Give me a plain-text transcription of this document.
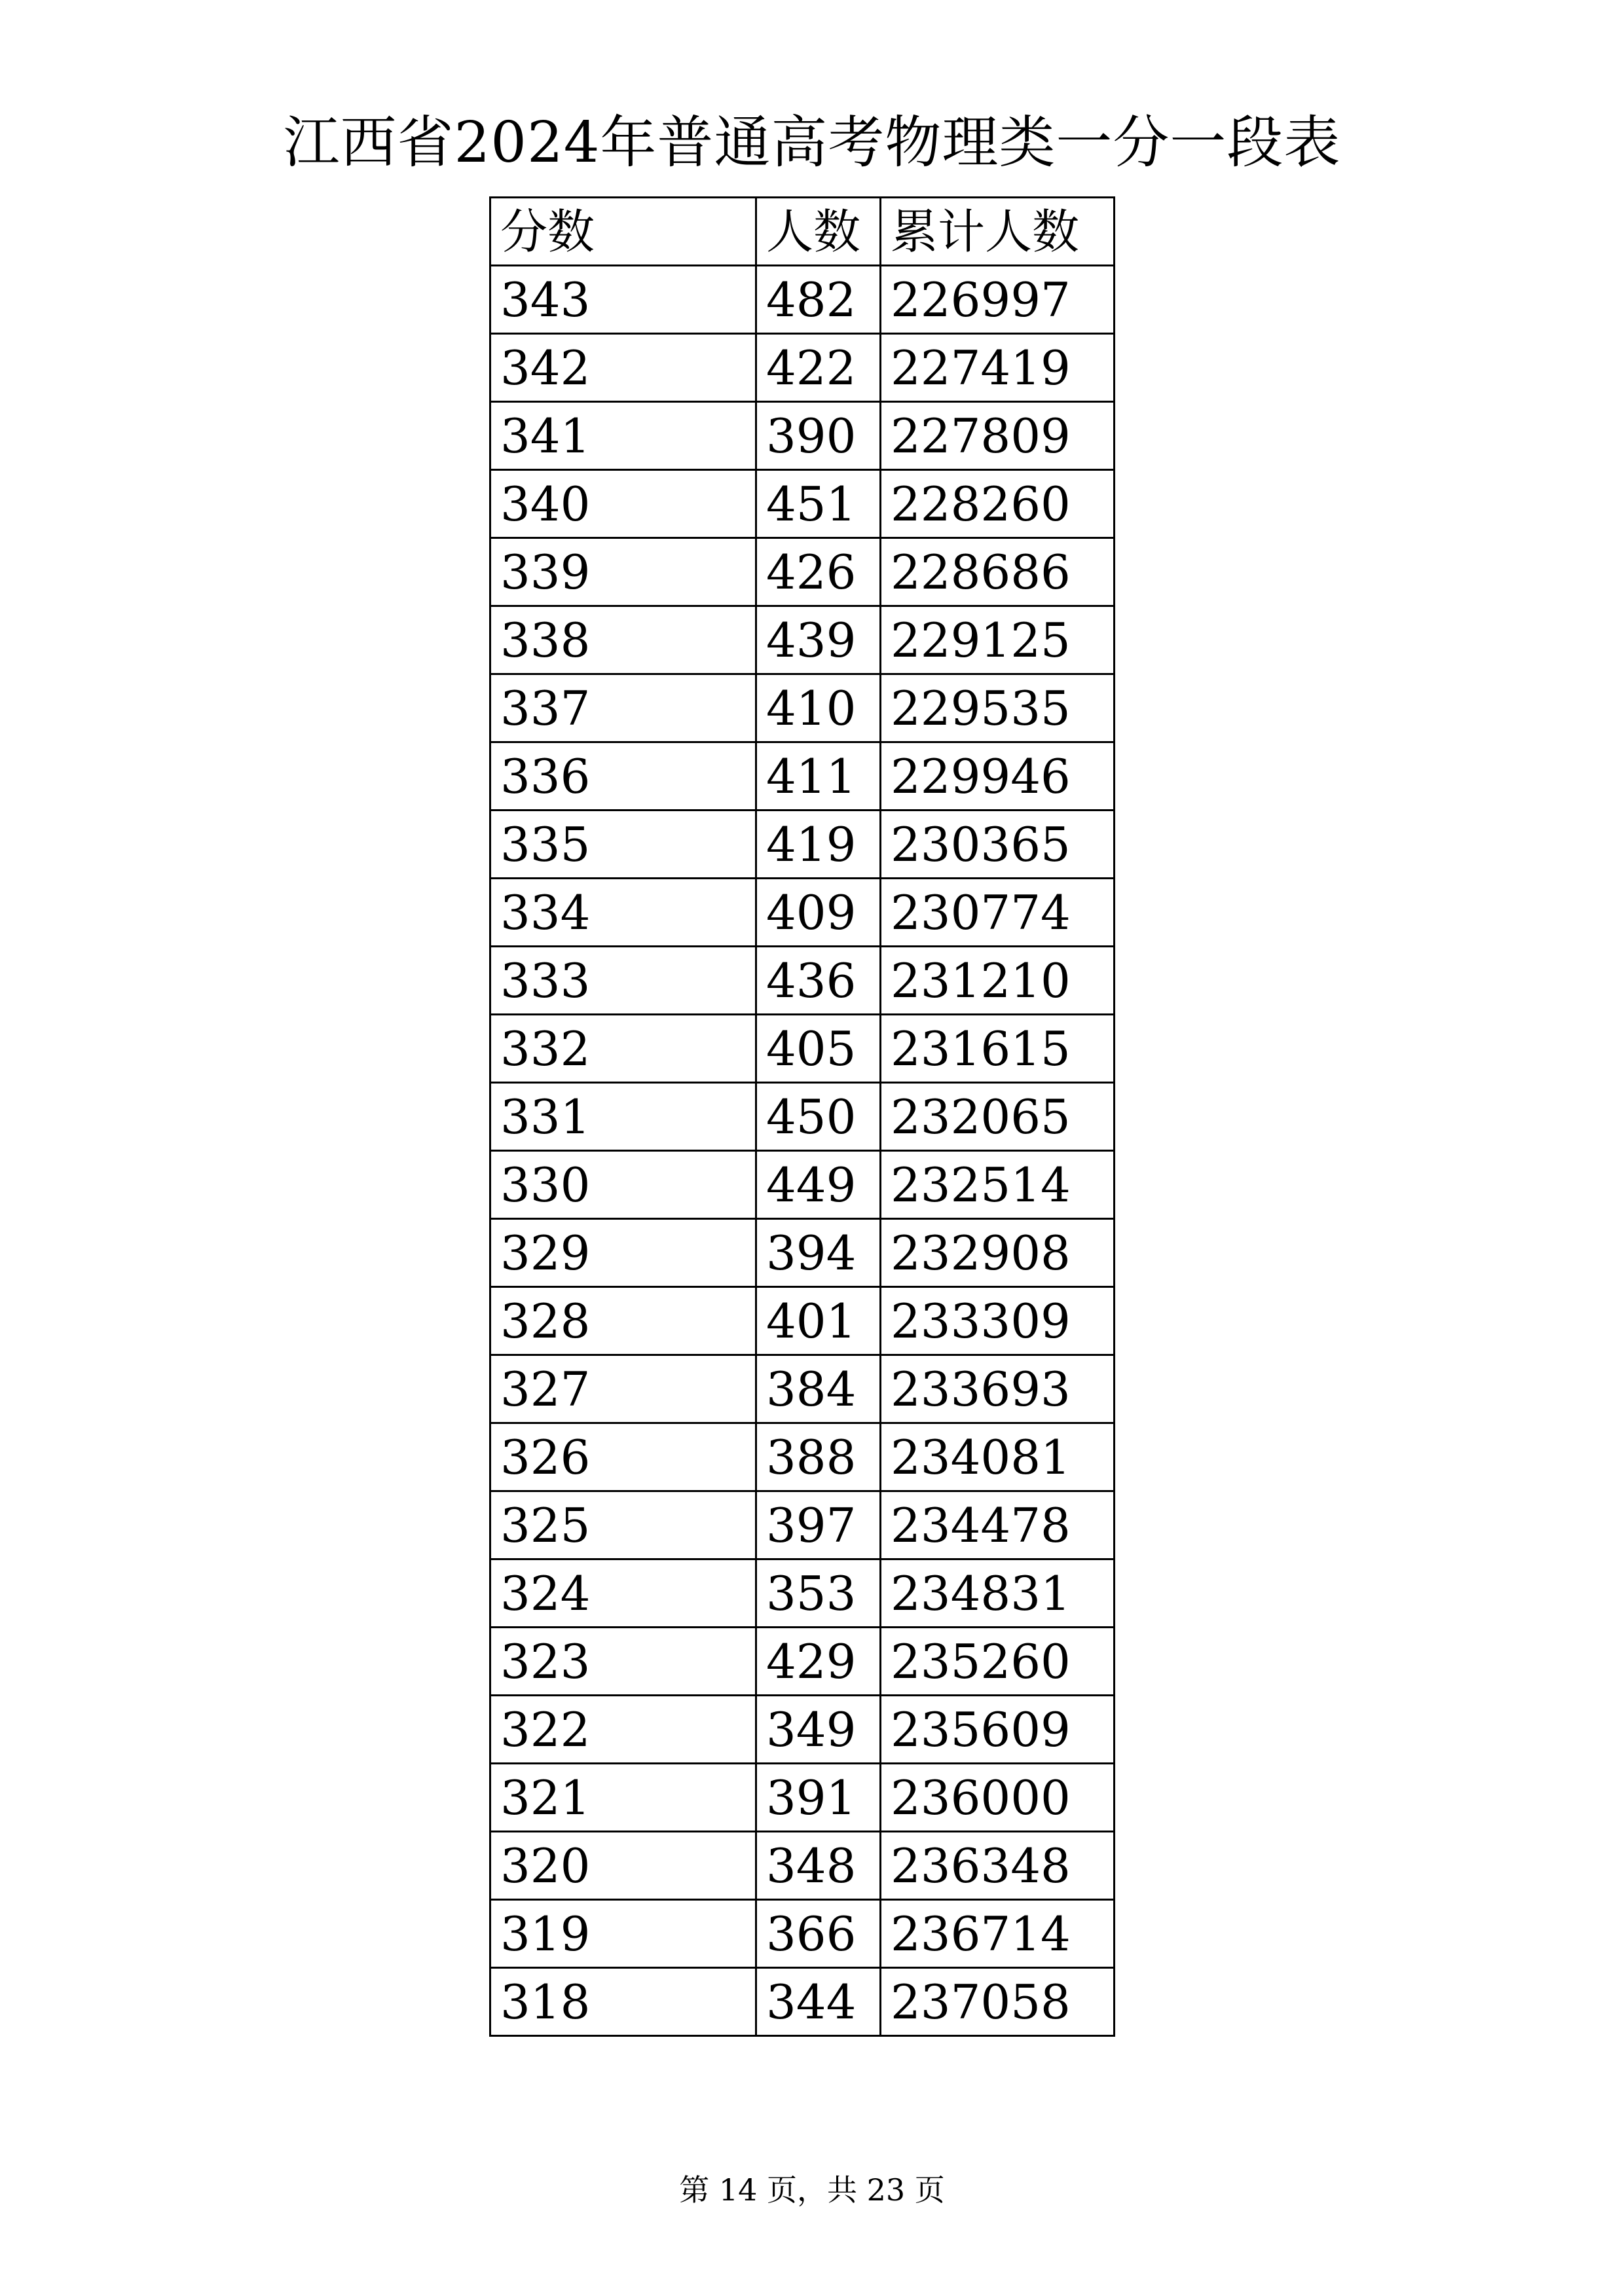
江西省2024年普通高考物理类一分一段表
分数	人数	累计人数
343	482	226997
342	422	227419
341	390	227809
340	451	228260
339	426	228686
338	439	229125
337	410	229535
336	411	229946
335	419	230365
334	409	230774
333	436	231210
332	405	231615
331	450	232065
330	449	232514
329	394	232908
328	401	233309
327	384	233693
326	388	234081
325	397	234478
324	353	234831
323	429	235260
322	349	235609
321	391	236000
320	348	236348
319	366	236714
318	344	237058
第 14 页，共 23 页
